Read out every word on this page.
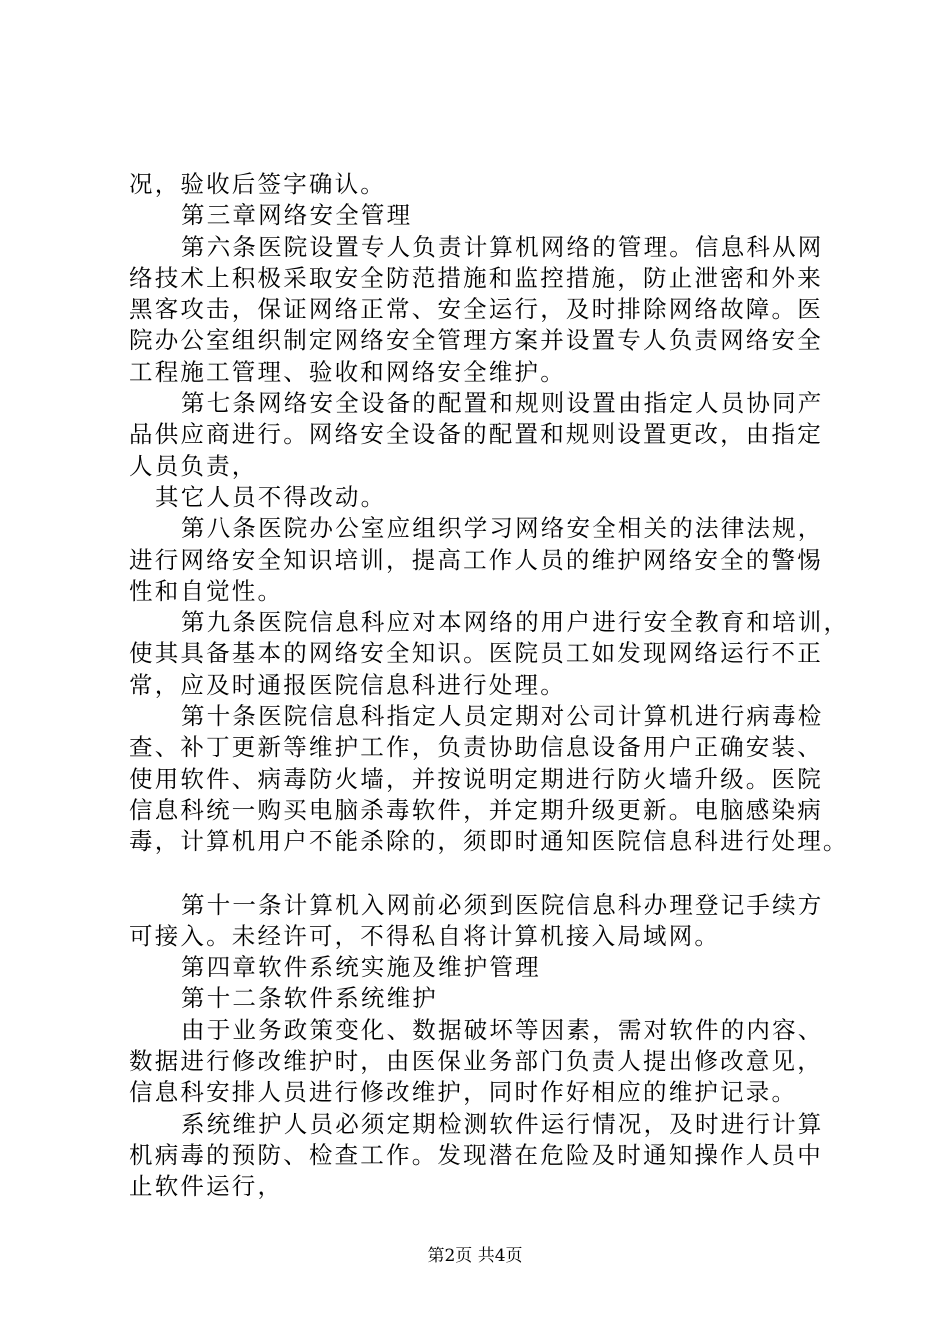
况，验收后签字确认。
第三章网络安全管理
第六条医院设置专人负责计算机网络的管理。信息科从网
络技术上积极采取安全防范措施和监控措施，防止泄密和外来
黑客攻击，保证网络正常、安全运行，及时排除网络故障。医
院办公室组织制定网络安全管理方案并设置专人负责网络安全
工程施工管理、验收和网络安全维护。
第七条网络安全设备的配置和规则设置由指定人员协同产
品供应商进行。网络安全设备的配置和规则设置更改，由指定
人员负责，
其它人员不得改动。
第八条医院办公室应组织学习网络安全相关的法律法规，
进行网络安全知识培训，提高工作人员的维护网络安全的警惕
性和自觉性。
第九条医院信息科应对本网络的用户进行安全教育和培训，
使其具备基本的网络安全知识。医院员工如发现网络运行不正
常，应及时通报医院信息科进行处理。
第十条医院信息科指定人员定期对公司计算机进行病毒检
查、补丁更新等维护工作，负责协助信息设备用户正确安装、
使用软件、病毒防火墙，并按说明定期进行防火墙升级。医院
信息科统一购买电脑杀毒软件，并定期升级更新。电脑感染病
毒，计算机用户不能杀除的，须即时通知医院信息科进行处理。
第十一条计算机入网前必须到医院信息科办理登记手续方
可接入。未经许可，不得私自将计算机接入局域网。
第四章软件系统实施及维护管理
第十二条软件系统维护
由于业务政策变化、数据破坏等因素，需对软件的内容、
数据进行修改维护时，由医保业务部门负责人提出修改意见，
信息科安排人员进行修改维护，同时作好相应的维护记录。
系统维护人员必须定期检测软件运行情况，及时进行计算
机病毒的预防、检查工作。发现潜在危险及时通知操作人员中
止软件运行，
第2页 共4页
